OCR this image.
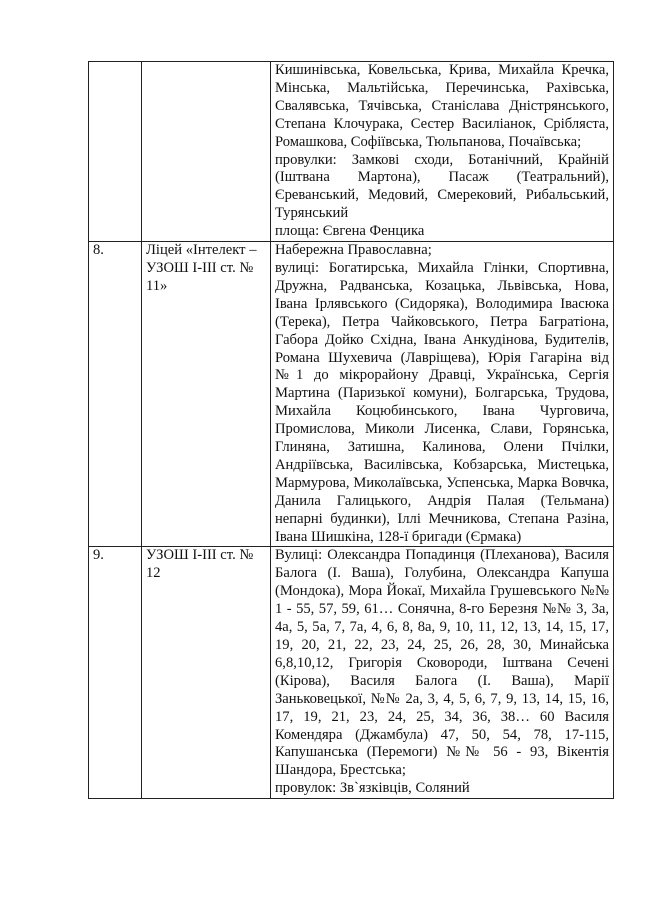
		Кишинівська, Ковельська, Крива, Михайла Кречка, Мінська, Мальтійська, Перечинська, Рахівська, Свалявська, Тячівська, Станіслава Дністрянського, Степана Клочурака, Сестер Василіанок, Срібляста, Ромашкова, Софіївська, Тюльпанова, Почаївська;
провулки: Замкові сходи, Ботанічний, Крайній (Іштвана Мартона), Пасаж (Театральний), Єреванський, Медовий, Смерековий, Рибальський, Турянський
площа: Євгена Фенцика

8.	Ліцей «Інтелект – УЗОШ І-ІІІ ст. № 11»	Набережна Православна;
вулиці: Богатирська, Михайла Глінки, Спортивна, Дружна, Радванська, Козацька, Львівська, Нова, Івана Ірлявського (Сидоряка), Володимира Івасюка (Терека), Петра Чайковського, Петра Багратіона, Габора Дойко Східна, Івана Анкудінова, Будителів, Романа Шухевича (Лавріщева), Юрія Гагаріна від №1 до мікрорайону Дравці, Українська, Сергія Мартина (Паризької комуни), Болгарська, Трудова, Михайла Коцюбинського, Івана Чурговича, Промислова, Миколи Лисенка, Слави, Горянська, Глиняна, Затишна, Калинова, Олени Пчілки, Андріївська, Василівська, Кобзарська, Мистецька, Мармурова, Миколаївська, Успенська, Марка Вовчка, Данила Галицького, Андрія Палая (Тельмана) непарні будинки), Іллі Мечникова, Степана Разіна, Івана Шишкіна, 128-ї бригади (Єрмака)

9.	УЗОШ І-ІІІ ст. № 12	Вулиці: Олександра Попадинця (Плеханова), Василя Балога (І. Ваша), Голубина, Олександра Капуша (Мондока), Мора Йокаї, Михайла Грушевського №№ 1 - 55, 57, 59, 61… Сонячна, 8-го Березня №№ 3, 3а, 4а, 5, 5а, 7, 7а, 4, 6, 8, 8а, 9, 10, 11, 12, 13, 14, 15, 17, 19, 20, 21, 22, 23, 24, 25, 26, 28, 30, Минайська 6,8,10,12, Григорія Сковороди, Іштвана Сечені (Кірова), Василя Балога (І. Ваша), Марії Заньковецької, №№ 2а, 3, 4, 5, 6, 7, 9, 13, 14, 15, 16, 17, 19, 21, 23, 24, 25, 34, 36, 38… 60 Василя Комендяра (Джамбула) 47, 50, 54, 78, 17-115, Капушанська (Перемоги) №№ 56 - 93, Вікентія Шандора, Брестська;
провулок: Зв`язківців, Соляний
